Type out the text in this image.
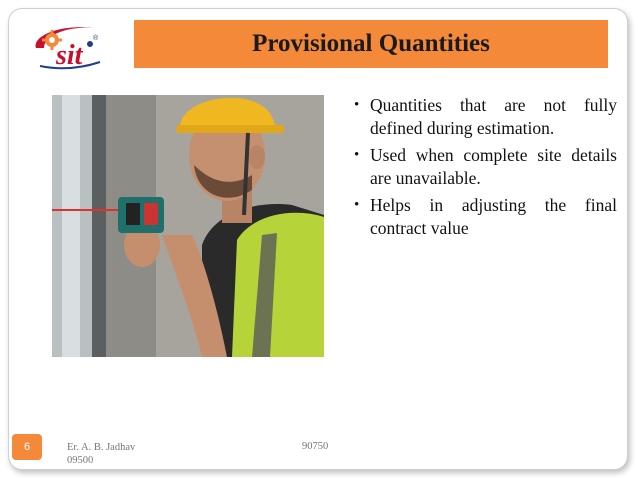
sit
®	Provisional Quantities
• Quantities that are not fully defined during estimation.
• Used when complete site details are unavailable.
• Helps in adjusting the final contract value
6	Er. A. B. Jadhav
09500
90750
